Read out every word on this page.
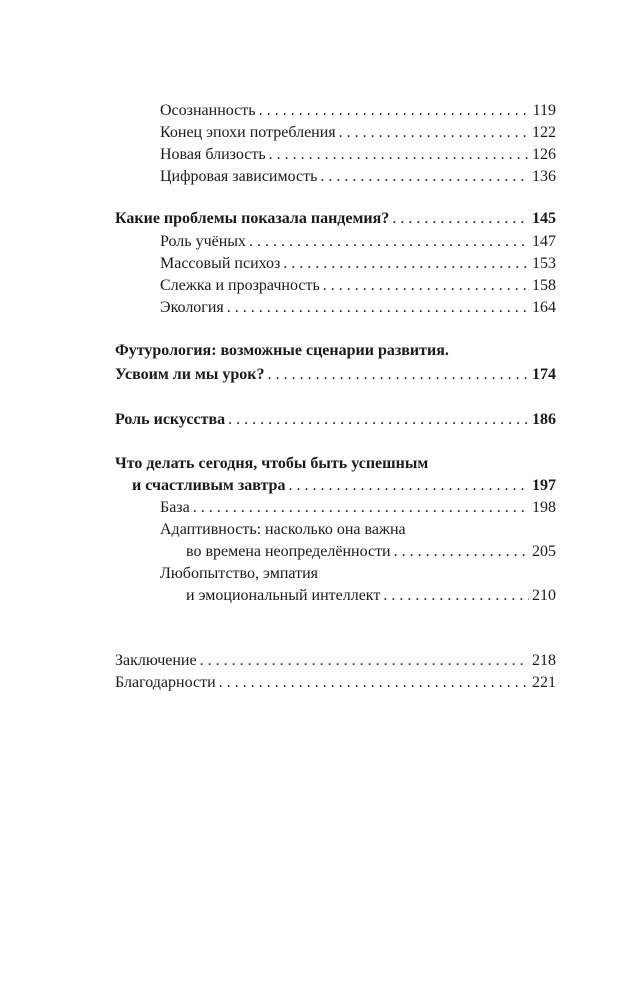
Осознанность . . .	119
Конец эпохи потребления . . .	122
Новая близость . . .	126
Цифровая зависимость . . .	136
Какие проблемы показала пандемия? . . .	145
Роль учёных . . .	147
Массовый психоз . . .	153
Слежка и прозрачность . . .	158
Экология . . .	164
Футурология: возможные сценарии развития.
Усвоим ли мы урок? . . .	174
Роль искусства . . .	186
Что делать сегодня, чтобы быть успешным
и счастливым завтра . . .	197
База . . .	198
Адаптивность: насколько она важна
во времена неопределённости . . .	205
Любопытство, эмпатия
и эмоциональный интеллект . . .	210
Заключение . . .	218
Благодарности . . .	221
